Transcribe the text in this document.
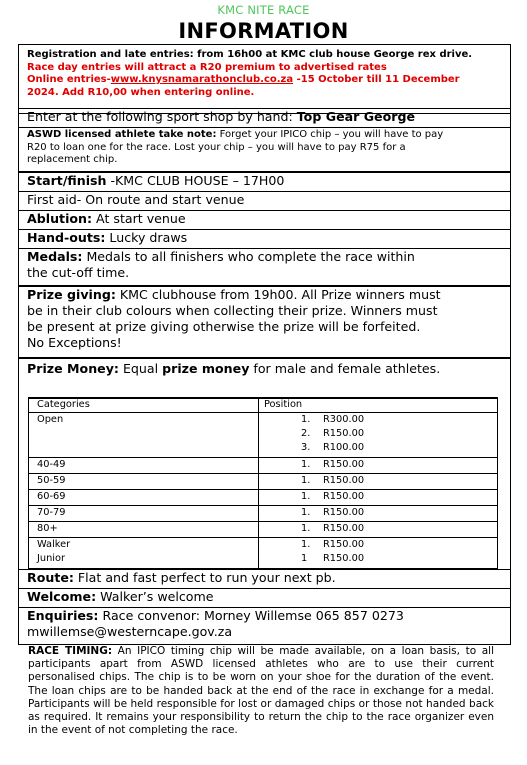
KMC NITE RACE
INFORMATION
Registration and late entries: from 16h00 at KMC club house George rex drive.
Race day entries will attract a R20 premium to advertised rates
Online entries-www.knysnamarathonclub.co.za -15 October till 11 December
2024. Add R10,00 when entering online.
Enter at the following sport shop by hand: Top Gear George
ASWD licensed athlete take note: Forget your IPICO chip – you will have to pay
R20 to loan one for the race. Lost your chip – you will have to pay R75 for a
replacement chip.
Start/finish -KMC CLUB HOUSE – 17H00
First aid- On route and start venue
Ablution: At start venue
Hand-outs: Lucky draws
Medals: Medals to all finishers who complete the race within
the cut-off time.
Prize giving: KMC clubhouse from 19h00. All Prize winners must
be in their club colours when collecting their prize. Winners must
be present at prize giving otherwise the prize will be forfeited.
No Exceptions!
Prize Money: Equal prize money for male and female athletes.
Route: Flat and fast perfect to run your next pb.
Welcome: Walker’s welcome
Enquiries: Race convenor: Morney Willemse 065 857 0273
mwillemse@westerncape.gov.za
Categories	Position
Open	1. R300.00
2. R150.00
3. R100.00
40-49	1. R150.00
50-59	1. R150.00
60-69	1. R150.00
70-79	1. R150.00
80+	1. R150.00
Walker	1. R150.00
Junior	1 R150.00
RACE TIMING: An IPICO timing chip will be made available, on a loan basis, to all participants apart from ASWD licensed athletes who are to use their current personalised chips. The chip is to be worn on your shoe for the duration of the event. The loan chips are to be handed back at the end of the race in exchange for a medal. Participants will be held responsible for lost or damaged chips or those not handed back as required. It remains your responsibility to return the chip to the race organizer even in the event of not completing the race.
